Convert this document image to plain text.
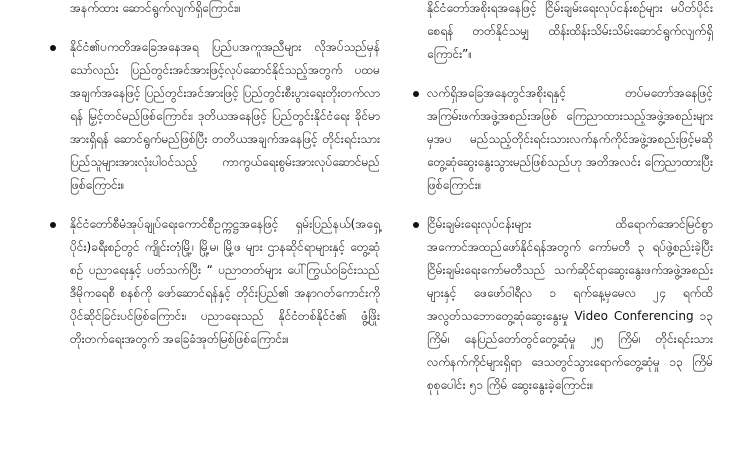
အနက်ထား ဆောင်ရွက်လျက်ရှိကြောင်း။

နိုင်ငံ၏ပကတိအခြေအနေအရ ပြည်ပအကူအညီများ လိုအပ်သည်မှန်သော်လည်း ပြည်တွင်းအင်အားဖြင့်လုပ်ဆောင်နိုင်သည့်အတွက် ပထမအချက်အနေဖြင့် ပြည်တွင်းအင်အားဖြင့် ပြည်တွင်းစီးပွားရေးတိုးတက်လာရန် မြှင့်တင်မည်ဖြစ်ကြောင်း၊ ဒုတိယအနေဖြင့် ပြည်တွင်းနိုင်ငံရေး ခိုင်မာအားရှိရန် ဆောင်ရွက်မည်ဖြစ်ပြီး တတိယအချက်အနေဖြင့် တိုင်းရင်းသားပြည်သူများအားလုံးပါဝင်သည့် ကာကွယ်ရေးစွမ်းအားလုပ်ဆောင်မည်ဖြစ်ကြောင်း။
နိုင်ငံတော်စီမံအုပ်ချုပ်ရေးကောင်စီဥက္ကဋ္ဌအနေဖြင့် ရှမ်းပြည်နယ်(အရှေ့ပိုင်း)ခရီးစဉ်တွင် ကျိုင်းတုံမြို့၊ မြို့မ၊ မြို့ဖ များ ဌာနဆိုင်ရာများနှင့် တွေ့ဆုံစဉ် ပညာရေးနှင့် ပတ်သက်ပြီး “ ပညာတတ်များ ပေါ်ကြွယ်ဝခြင်းသည် ဒီမိုကရေစီ စနစ်ကို ဖော်ဆောင်ရန်နှင့် တိုင်းပြည်၏ အနာဂတ်ကောင်းကို ပိုင်ဆိုင်ခြင်းပင်ဖြစ်ကြောင်း၊ ပညာရေးသည် နိုင်ငံတစ်နိုင်ငံ၏ ဖွံ့ဖြိုးတိုးတက်ရေးအတွက် အခြေခံအုတ်မြစ်ဖြစ်ကြောင်း။

နိုင်ငံတော်အစိုးရအနေဖြင့် ငြိမ်းချမ်းရေးလုပ်ငန်းစဉ်များ မပိတ်ပိုင်းစေရန် တတ်နိုင်သမျှ ထိန်းထိန်းသိမ်းသိမ်းဆောင်ရွက်လျက်ရှိကြောင်း”။

လက်ရှိအခြေအနေတွင်အစိုးရနှင့် တပ်မတော်အနေဖြင့် အကြမ်းဖက်အဖွဲ့အစည်းအဖြစ် ကြေညာထားသည့်အဖွဲ့အစည်းများမှအပ မည်သည့်တိုင်းရင်းသားလက်နက်ကိုင်အဖွဲ့အစည်းဖြင့်မဆို တွေ့ဆုံဆွေးနွေးသွားမည်ဖြစ်သည်ဟု အတိအလင်း ကြေညာထားပြီးဖြစ်ကြောင်း။
ငြိမ်းချမ်းရေးလုပ်ငန်းများ ထိရောက်အောင်မြင်စွာ အကောင်အထည်ဖော်နိုင်ရန်အတွက် ကော်မတီ ၃ ရပ်ဖွဲ့စည်းခဲ့ပြီး ငြိမ်းချမ်းရေးကော်မတီသည် သက်ဆိုင်ရာဆွေးနွေးဖက်အဖွဲ့အစည်းများနှင့် ဖေဖော်ဝါရီလ ၁ ရက်နေ့မှမေလ ၂၄ ရက်ထိ အလွတ်သဘောတွေ့ဆုံဆွေးနွေးမှု Video Conferencing ၁၃ ကြိမ်၊ နေပြည်တော်တွင်တွေ့ဆုံမှု ၂၅ ကြိမ်၊ တိုင်းရင်းသားလက်နက်ကိုင်များရှိရာ ဒေသတွင်သွားရောက်တွေ့ဆုံမှု ၁၃ ကြိမ် စုစုပေါင်း ၅၁ ကြိမ် ဆွေးနွေးခဲ့ကြောင်း။
